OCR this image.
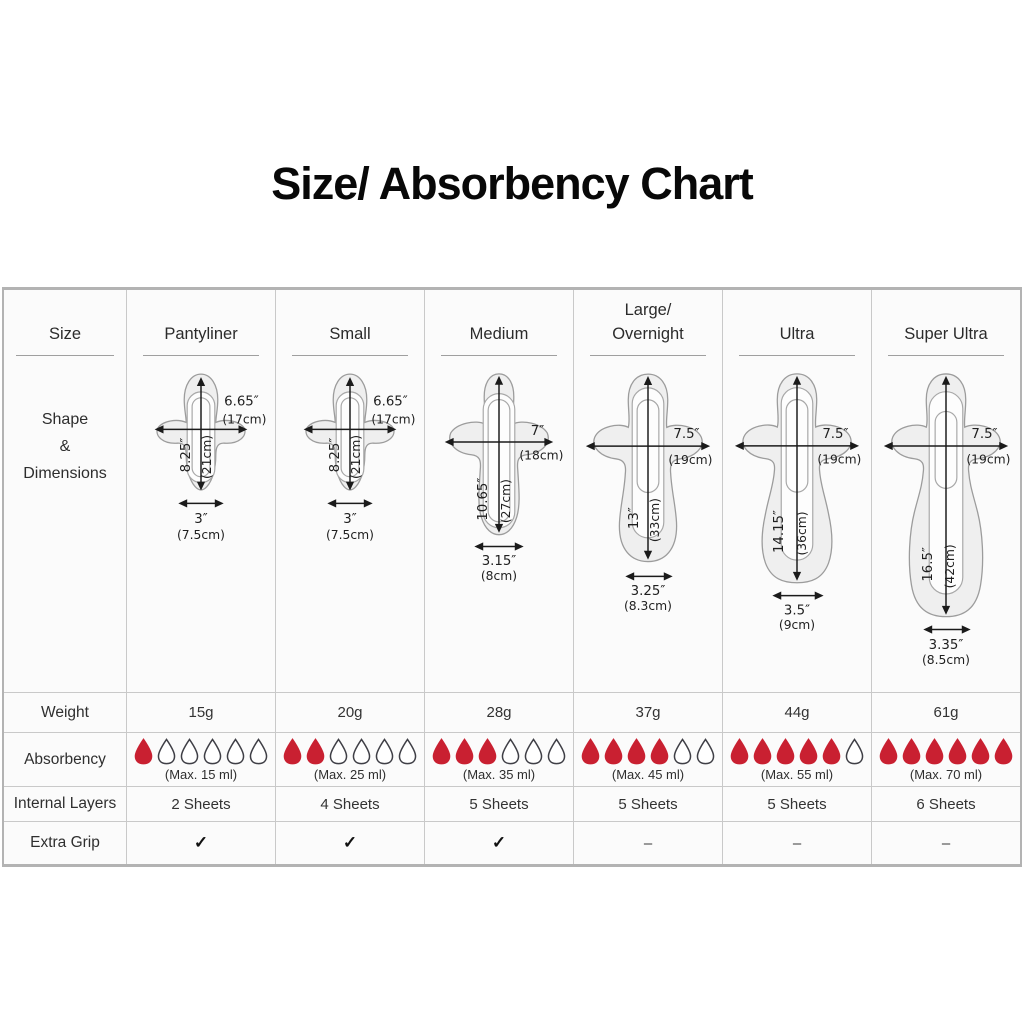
Size/ Absorbency Chart
Size
Shape
&
Dimensions
Weight
Absorbency
Internal Layers
Extra Grip
Pantyliner
6.65″
(17cm)
8.25″ (21cm)
3″
(7.5cm)
15g
(Max. 15 ml)
2 Sheets
✓
Small
6.65″
(17cm)
8.25″ (21cm)
3″
(7.5cm)
20g
(Max. 25 ml)
4 Sheets
✓
Medium
7″
(18cm)
10.65″ (27cm)
3.15″
(8cm)
28g
(Max. 35 ml)
5 Sheets
✓
Large/
Overnight
7.5″
(19cm)
13″ (33cm)
3.25″
(8.3cm)
37g
(Max. 45 ml)
5 Sheets
–
Ultra
7.5″
(19cm)
14.15″ (36cm)
3.5″
(9cm)
44g
(Max. 55 ml)
5 Sheets
–
Super Ultra
7.5″
(19cm)
16.5″ (42cm)
3.35″
(8.5cm)
61g
(Max. 70 ml)
6 Sheets
–
